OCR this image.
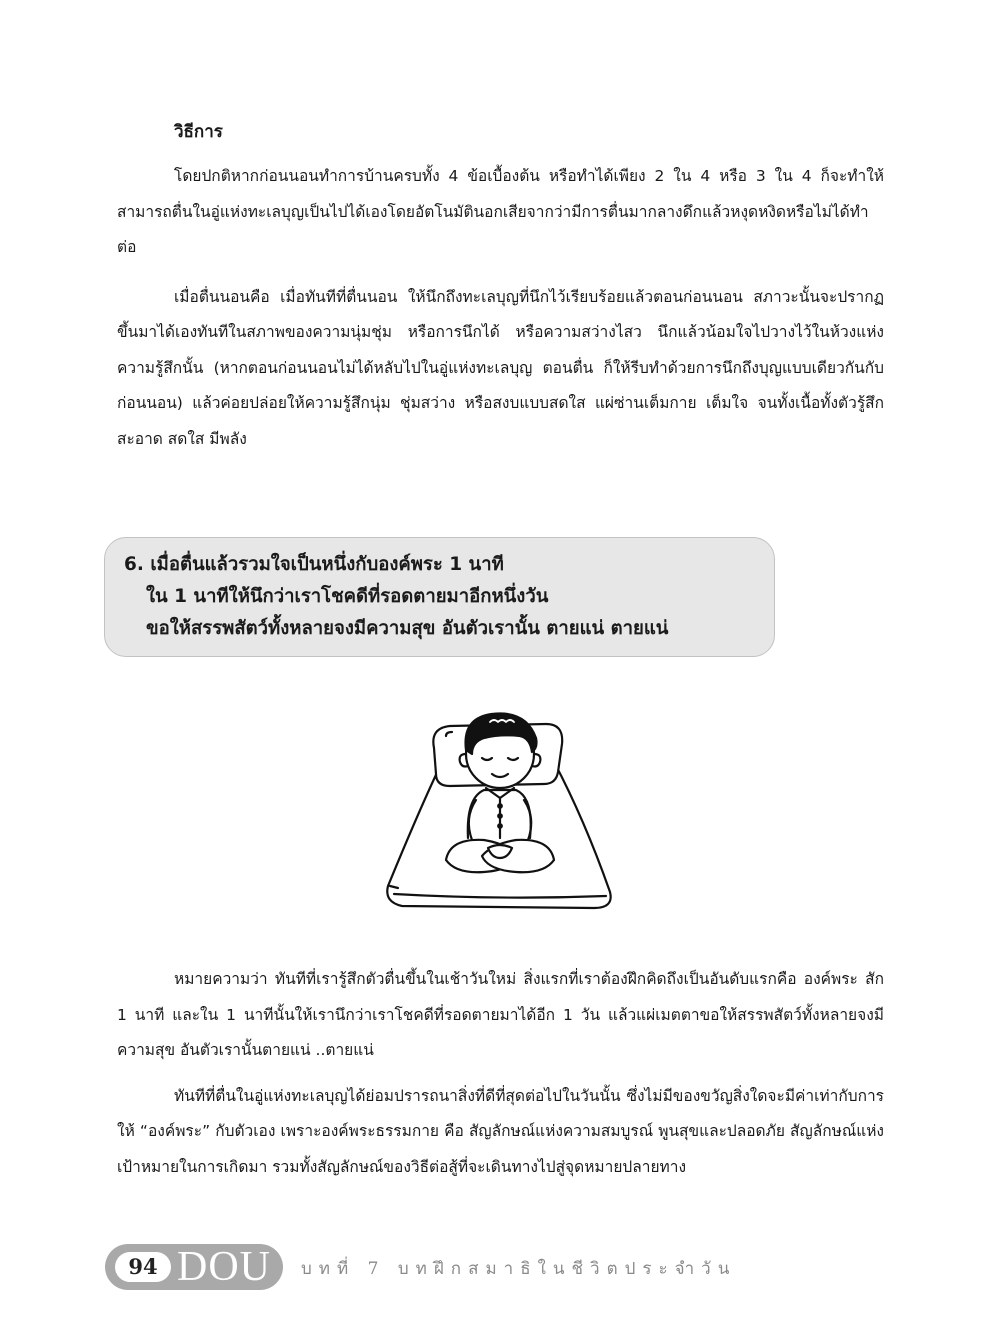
วิธีการ

โดยปกติหากก่อนนอนทำการบ้านครบทั้ง 4 ข้อเบื้องต้น หรือทำได้เพียง 2 ใน 4 หรือ 3 ใน 4 ก็จะทำให้สามารถตื่นในอู่แห่งทะเลบุญเป็นไปได้เองโดยอัตโนมัตินอกเสียจากว่ามีการตื่นมากลางดึกแล้วหงุดหงิดหรือไม่ได้ทำต่อ

เมื่อตื่นนอนคือ เมื่อทันทีที่ตื่นนอน ให้นึกถึงทะเลบุญที่นึกไว้เรียบร้อยแล้วตอนก่อนนอน สภาวะนั้นจะปรากฏขึ้นมาได้เองทันทีในสภาพของความนุ่มชุ่ม หรือการนึกได้ หรือความสว่างไสว นึกแล้วน้อมใจไปวางไว้ในห้วงแห่งความรู้สึกนั้น (หากตอนก่อนนอนไม่ได้หลับไปในอู่แห่งทะเลบุญ ตอนตื่น ก็ให้รีบทำด้วยการนึกถึงบุญแบบเดียวกันกับก่อนนอน) แล้วค่อยปล่อยให้ความรู้สึกนุ่ม ชุ่มสว่าง หรือสงบแบบสดใส แผ่ซ่านเต็มกาย เต็มใจ จนทั้งเนื้อทั้งตัวรู้สึกสะอาด สดใส มีพลัง

6. เมื่อตื่นแล้วรวมใจเป็นหนึ่งกับองค์พระ 1 นาที
ใน 1 นาทีให้นึกว่าเราโชคดีที่รอดตายมาอีกหนึ่งวัน
ขอให้สรรพสัตว์ทั้งหลายจงมีความสุข อันตัวเรานั้น ตายแน่ ตายแน่

หมายความว่า ทันทีที่เรารู้สึกตัวตื่นขึ้นในเช้าวันใหม่ สิ่งแรกที่เราต้องฝึกคิดถึงเป็นอันดับแรกคือ องค์พระ สัก 1 นาที และใน 1 นาทีนั้นให้เรานึกว่าเราโชคดีที่รอดตายมาได้อีก 1 วัน แล้วแผ่เมตตาขอให้สรรพสัตว์ทั้งหลายจงมีความสุข อันตัวเรานั้นตายแน่ ..ตายแน่

ทันทีที่ตื่นในอู่แห่งทะเลบุญได้ย่อมปรารถนาสิ่งที่ดีที่สุดต่อไปในวันนั้น ซึ่งไม่มีของขวัญสิ่งใดจะมีค่าเท่ากับการให้ “องค์พระ” กับตัวเอง เพราะองค์พระธรรมกาย คือ สัญลักษณ์แห่งความสมบูรณ์ พูนสุขและปลอดภัย สัญลักษณ์แห่งเป้าหมายในการเกิดมา รวมทั้งสัญลักษณ์ของวิธีต่อสู้ที่จะเดินทางไปสู่จุดหมายปลายทาง

94 DOU บทที่ 7 บทฝึกสมาธิในชีวิตประจำวัน
